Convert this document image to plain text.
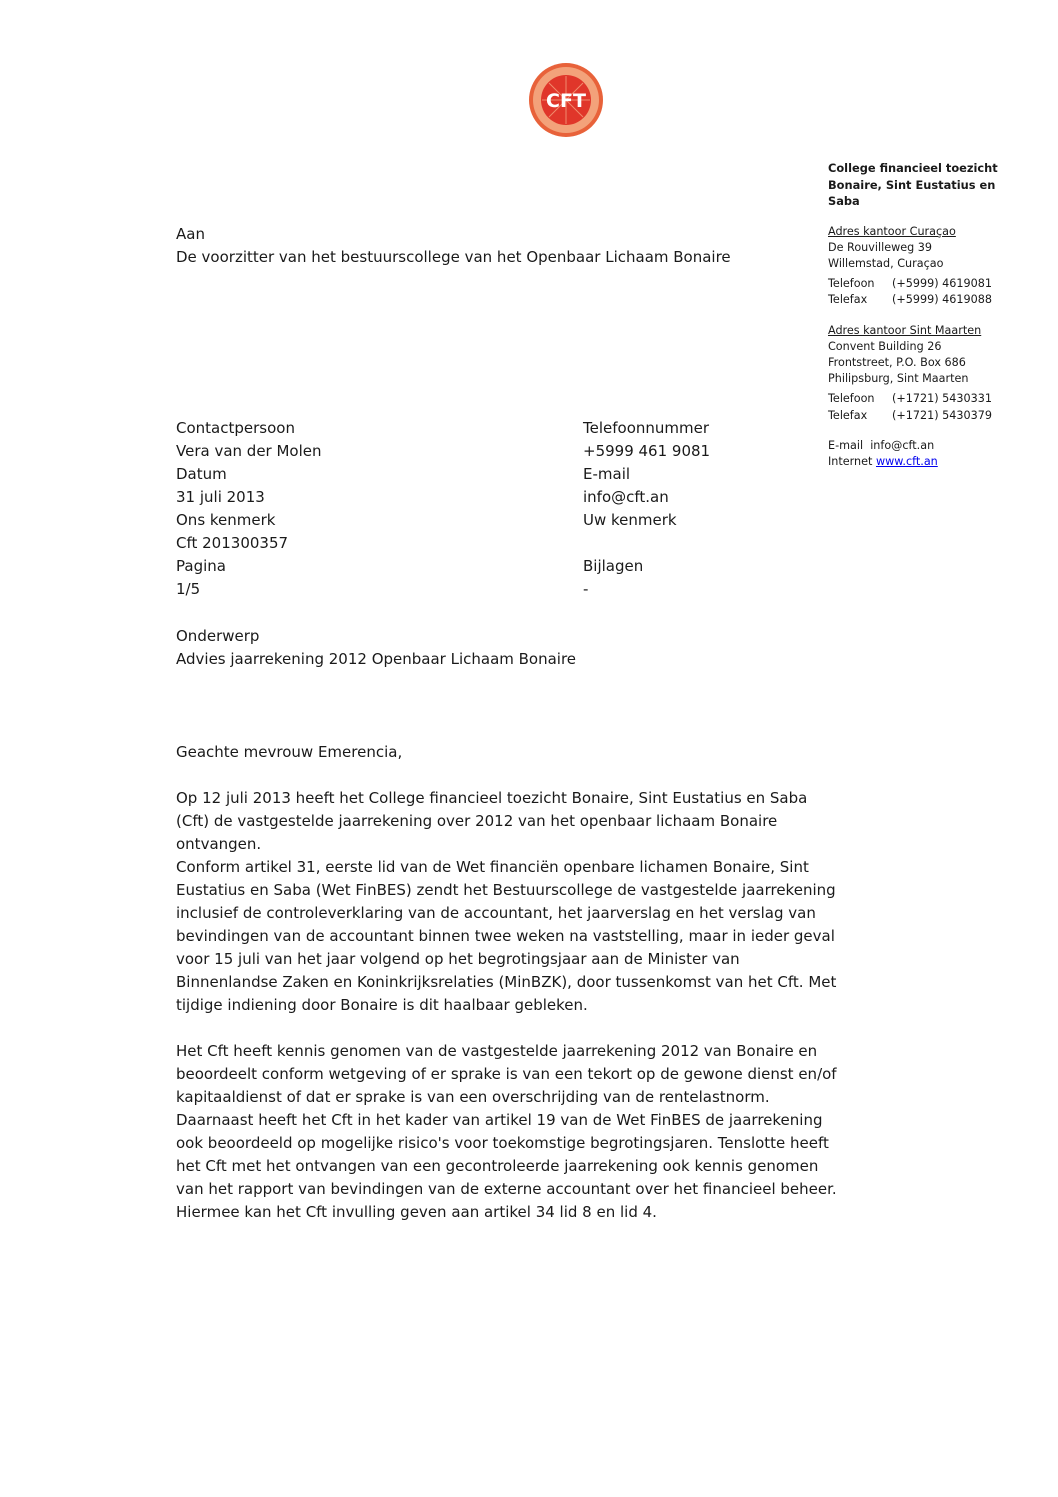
CFT
College financieel toezicht
Bonaire, Sint Eustatius en
Saba
Adres kantoor Curaçao
De Rouvilleweg 39
Willemstad, Curaçao
Telefoon	(+5999) 4619081
Telefax	(+5999) 4619088
Adres kantoor Sint Maarten
Convent Building 26
Frontstreet, P.O. Box 686
Philipsburg, Sint Maarten
Telefoon	(+1721) 5430331
Telefax	(+1721) 5430379
E-mail info@cft.an
Internet www.cft.an
Aan
De voorzitter van het bestuurscollege van het Openbaar Lichaam Bonaire
Contactpersoon	Telefoonnummer
Vera van der Molen	+5999 461 9081
Datum	E-mail
31 juli 2013	info@cft.an
Ons kenmerk	Uw kenmerk
Cft 201300357

Pagina	Bijlagen
1/5	-
Onderwerp
Advies jaarrekening 2012 Openbaar Lichaam Bonaire

Geachte mevrouw Emerencia,

Op 12 juli 2013 heeft het College financieel toezicht Bonaire, Sint Eustatius en Saba

(Cft) de vastgestelde jaarrekening over 2012 van het openbaar lichaam Bonaire

ontvangen.

Conform artikel 31, eerste lid van de Wet financiën openbare lichamen Bonaire, Sint

Eustatius en Saba (Wet FinBES) zendt het Bestuurscollege de vastgestelde jaarrekening

inclusief de controleverklaring van de accountant, het jaarverslag en het verslag van

bevindingen van de accountant binnen twee weken na vaststelling, maar in ieder geval

voor 15 juli van het jaar volgend op het begrotingsjaar aan de Minister van

Binnenlandse Zaken en Koninkrijksrelaties (MinBZK), door tussenkomst van het Cft. Met

tijdige indiening door Bonaire is dit haalbaar gebleken.

Het Cft heeft kennis genomen van de vastgestelde jaarrekening 2012 van Bonaire en

beoordeelt conform wetgeving of er sprake is van een tekort op de gewone dienst en/of

kapitaaldienst of dat er sprake is van een overschrijding van de rentelastnorm.

Daarnaast heeft het Cft in het kader van artikel 19 van de Wet FinBES de jaarrekening

ook beoordeeld op mogelijke risico's voor toekomstige begrotingsjaren. Tenslotte heeft

het Cft met het ontvangen van een gecontroleerde jaarrekening ook kennis genomen

van het rapport van bevindingen van de externe accountant over het financieel beheer.

Hiermee kan het Cft invulling geven aan artikel 34 lid 8 en lid 4.
